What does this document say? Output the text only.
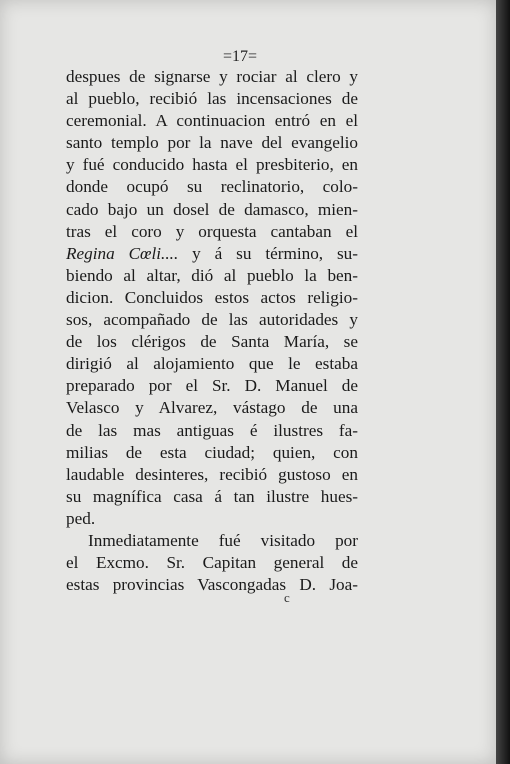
=17=
despues de signarse y rociar al clero y
al pueblo, recibió las incensaciones de
ceremonial. A continuacion entró en el
santo templo por la nave del evangelio
y fué conducido hasta el presbiterio, en
donde ocupó su reclinatorio, colo-
cado bajo un dosel de damasco, mien-
tras el coro y orquesta cantaban el
Regina Cœli.... y á su término, su-
biendo al altar, dió al pueblo la ben-
dicion. Concluidos estos actos religio-
sos, acompañado de las autoridades y
de los clérigos de Santa María, se
dirigió al alojamiento que le estaba
preparado por el Sr. D. Manuel de
Velasco y Alvarez, vástago de una
de las mas antiguas é ilustres fa-
milias de esta ciudad; quien, con
laudable desinteres, recibió gustoso en
su magnífica casa á tan ilustre hues-
ped.
Inmediatamente fué visitado por
el Excmo. Sr. Capitan general de
estas provincias Vascongadas D. Joa-
c
